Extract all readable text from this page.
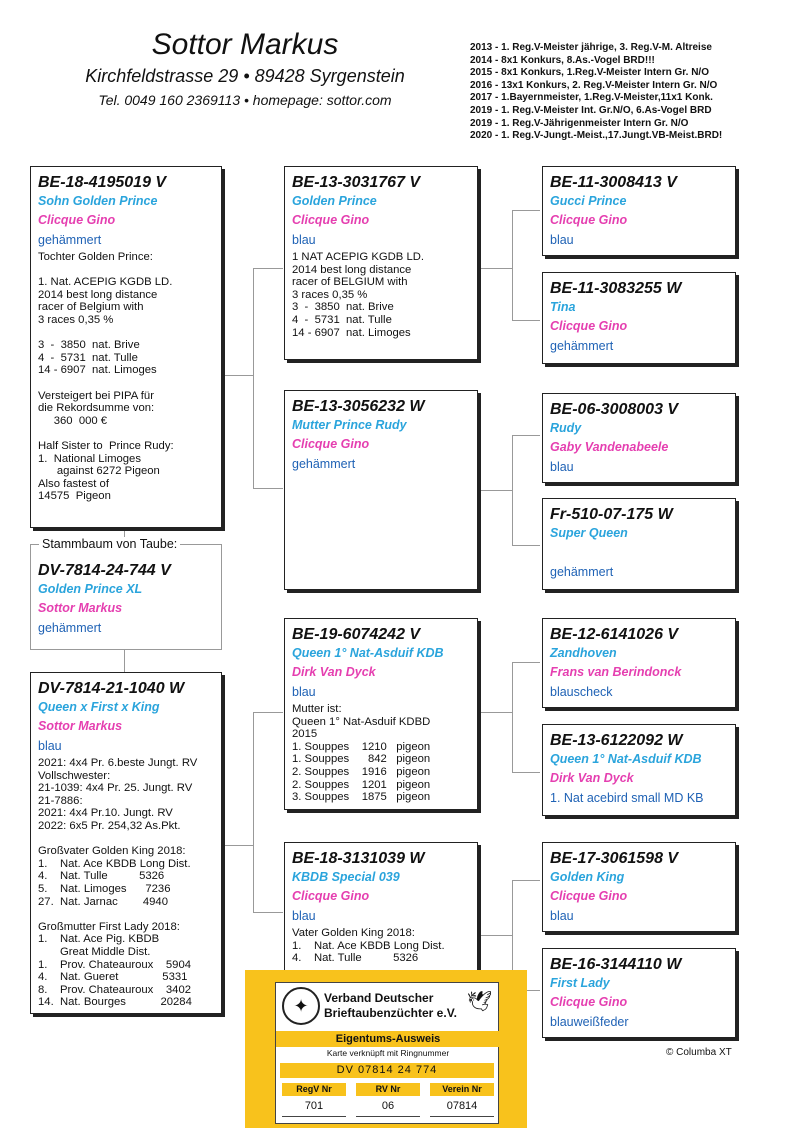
Sottor Markus
Kirchfeldstrasse 29 • 89428 Syrgenstein
Tel. 0049 160 2369113 • homepage: sottor.com
2013 - 1. Reg.V-Meister jährige, 3. Reg.V-M. Altreise
2014 - 8x1 Konkurs, 8.As.-Vogel BRD!!!
2015 - 8x1 Konkurs, 1.Reg.V-Meister Intern Gr. N/O
2016 - 13x1 Konkurs, 2. Reg.V-Meister Intern Gr. N/O
2017 - 1.Bayernmeister, 1.Reg.V-Meister,11x1 Konk.
2019 - 1. Reg.V-Meister Int. Gr.N/O, 6.As-Vogel BRD
2019 - 1. Reg.V-Jährigenmeister Intern Gr. N/O
2020 - 1. Reg.V-Jungt.-Meist.,17.Jungt.VB-Meist.BRD!
BE-18-4195019 V
Sohn Golden Prince
Clicque Gino
gehämmert
Tochter Golden Prince:

1. Nat. ACEPIG KGDB LD.
2014 best long distance
racer of Belgium with
3 races 0,35 %

3  -  3850  nat. Brive
4  -  5731  nat. Tulle
14 - 6907  nat. Limoges

Versteigert bei PIPA für
die Rekordsumme von:
360  000 €

Half Sister to  Prince Rudy:
1.  National Limoges
against 6272 Pigeon
Also fastest of
14575  Pigeon
Stammbaum von Taube:
DV-7814-24-744 V
Golden Prince XL
Sottor Markus
gehämmert
DV-7814-21-1040 W
Queen x First x King
Sottor Markus
blau
2021: 4x4 Pr. 6.beste Jungt. RV
Vollschwester:
21-1039: 4x4 Pr. 25. Jungt. RV
21-7886:
2021: 4x4 Pr.10. Jungt. RV
2022: 6x5 Pr. 254,32 As.Pkt.

Großvater Golden King 2018:
1.    Nat. Ace KBDB Long Dist.
4.    Nat. Tulle          5326
5.    Nat. Limoges      7236
27.  Nat. Jarnac        4940

Großmutter First Lady 2018:
1.    Nat. Ace Pig. KBDB
Great Middle Dist.
1.    Prov. Chateauroux    5904
4.    Nat. Gueret              5331
8.    Prov. Chateauroux    3402
14.  Nat. Bourges           20284
BE-13-3031767 V
Golden Prince
Clicque Gino
blau
1 NAT ACEPIG KGDB LD.
2014 best long distance
racer of BELGIUM with
3 races 0,35 %
3  -  3850  nat. Brive
4  -  5731  nat. Tulle
14 - 6907  nat. Limoges
BE-13-3056232 W
Mutter Prince Rudy
Clicque Gino
gehämmert
BE-19-6074242 V
Queen 1° Nat-Asduif KDB
Dirk Van Dyck
blau
Mutter ist:
Queen 1° Nat-Asduif KDBD
2015
1. Souppes    1210   pigeon
1. Souppes      842   pigeon
2. Souppes    1916   pigeon
2. Souppes    1201   pigeon
3. Souppes    1875   pigeon
BE-18-3131039 W
KBDB Special 039
Clicque Gino
blau
Vater Golden King 2018:
1.    Nat. Ace KBDB Long Dist.
4.    Nat. Tulle          5326
BE-11-3008413 V
Gucci Prince
Clicque Gino
blau
BE-11-3083255 W
Tina
Clicque Gino
gehämmert
BE-06-3008003 V
Rudy
Gaby Vandenabeele
blau
Fr-510-07-175 W
Super Queen
gehämmert
BE-12-6141026 V
Zandhoven
Frans van Berindonck
blauscheck
BE-13-6122092 W
Queen 1° Nat-Asduif KDB
Dirk Van Dyck
1. Nat acebird small MD KB
BE-17-3061598 V
Golden King
Clicque Gino
blau
BE-16-3144110 W
First Lady
Clicque Gino
blauweißfeder
© Columba XT
✦	Verband Deutscher
Brieftaubenzüchter e.V. 🕊
Eigentums-Ausweis
Karte verknüpft mit Ringnummer
DV 07814 24 774
RegV Nr
701
RV Nr
06
Verein Nr
07814
